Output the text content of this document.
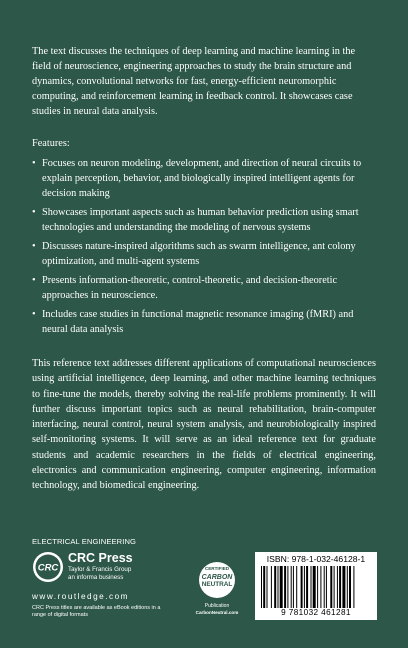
The text discusses the techniques of deep learning and machine learning in the field of neuroscience, engineering approaches to study the brain structure and dynamics, convolutional networks for fast, energy-efficient neuromorphic computing, and reinforcement learning in feedback control. It showcases case studies in neural data analysis.

Features:

• Focuses on neuron modeling, development, and direction of neural circuits to explain perception, behavior, and biologically inspired intelligent agents for decision making
• Showcases important aspects such as human behavior prediction using smart technologies and understanding the modeling of nervous systems
• Discusses nature-inspired algorithms such as swarm intelligence, ant colony optimization, and multi-agent systems
• Presents information-theoretic, control-theoretic, and decision-theoretic approaches in neuroscience.
• Includes case studies in functional magnetic resonance imaging (fMRI) and neural data analysis

This reference text addresses different applications of computational neurosciences using artificial intelligence, deep learning, and other machine learning techniques to fine-tune the models, thereby solving the real-life problems prominently. It will further discuss important topics such as neural rehabilitation, brain-computer interfacing, neural control, neural system analysis, and neurobiologically inspired self-monitoring systems. It will serve as an ideal reference text for graduate students and academic researchers in the fields of electrical engineering, electronics and communication engineering, computer engineering, information technology, and biomedical engineering.

ELECTRICAL ENGINEERING
CRC
CRC Press
Taylor & Francis Group
an informa business
www.routledge.com
CRC Press titles are available as eBook editions in a range of digital formats
CERTIFIED
CARBON
NEUTRAL
Publication
CarbonNeutral.com
ISBN: 978-1-032-46128-1
9 781032 461281
